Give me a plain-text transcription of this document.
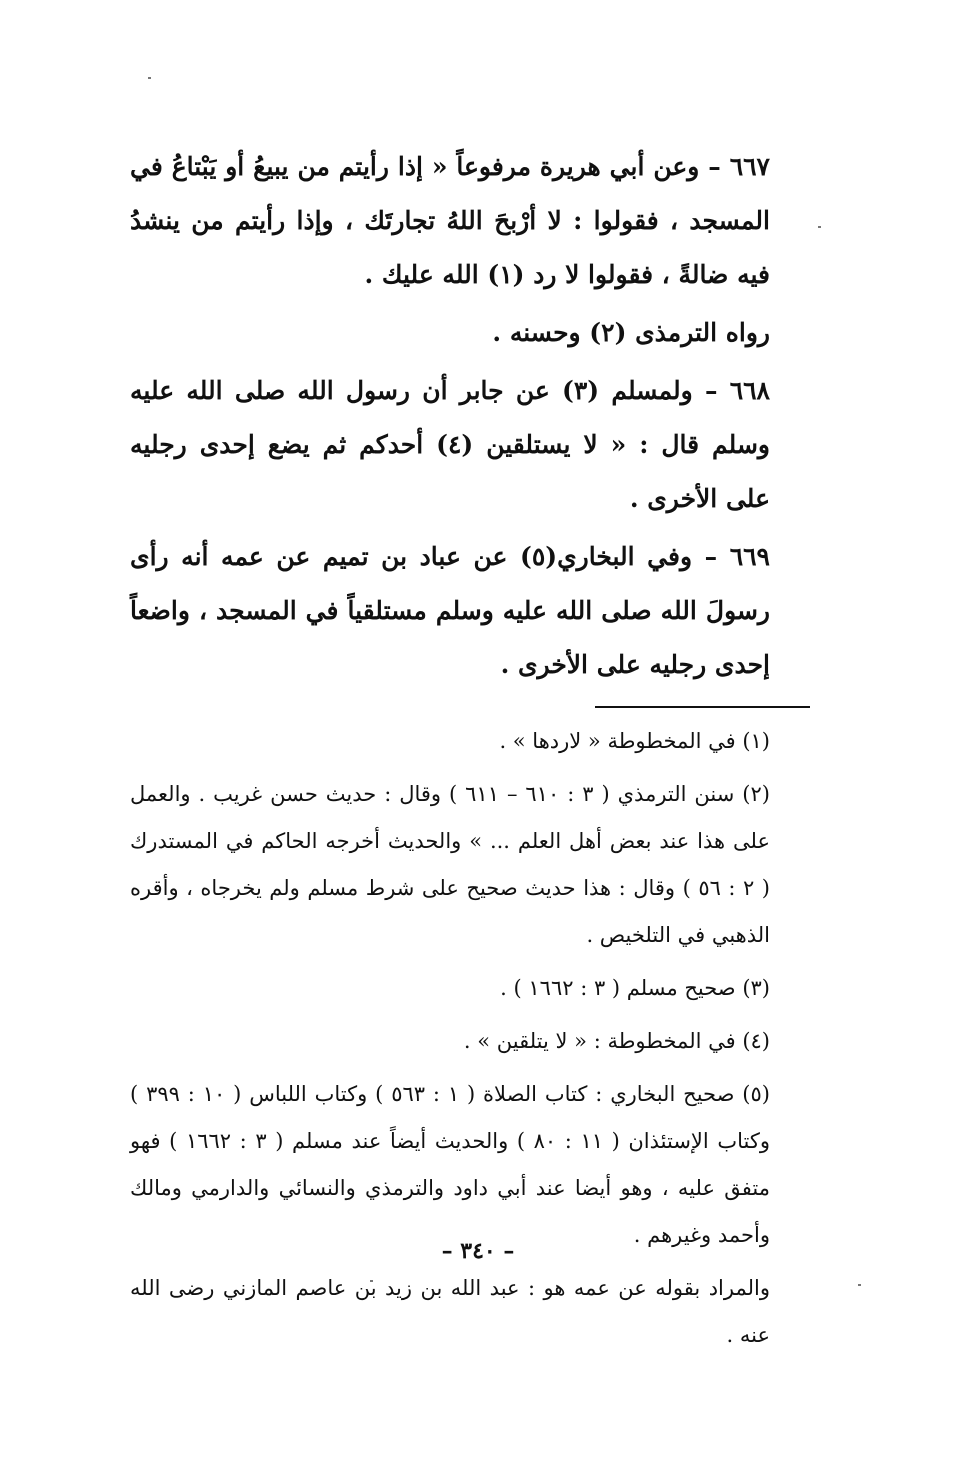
٦٦٧ – وعن أبي هريرة مرفوعاً « إذا رأيتم من يبيعُ أو يَبْتاعُ في المسجد ، فقولوا : لا أرْبحَ اللهُ تجارتَك ، وإذا رأيتم من ينشدُ فيه ضالةً ، فقولوا لا رد (١) الله عليك .

رواه الترمذى (٢) وحسنه .

٦٦٨ – ولمسلم (٣) عن جابر أن رسول الله صلى الله عليه وسلم قال : « لا يستلقين (٤) أحدكم ثم يضع إحدى رجليه على الأخرى .

٦٦٩ – وفي البخاري(٥) عن عباد بن تميم عن عمه أنه رأى رسولَ الله صلى الله عليه وسلم مستلقياً في المسجد ، واضعاً إحدى رجليه على الأخرى .

(١) في المخطوطة « لاردها » .

(٢) سنن الترمذي ( ٣ : ٦١٠ – ٦١١ ) وقال : حديث حسن غريب . والعمل على هذا عند بعض أهل العلم ... » والحديث أخرجه الحاكم في المستدرك ( ٢ : ٥٦ ) وقال : هذا حديث صحيح على شرط مسلم ولم يخرجاه ، وأقره الذهبي في التلخيص .

(٣) صحيح مسلم ( ٣ : ١٦٦٢ ) .

(٤) في المخطوطة : « لا يتلقين » .

(٥) صحيح البخاري : كتاب الصلاة ( ١ : ٥٦٣ ) وكتاب اللباس ( ١٠ : ٣٩٩ ) وكتاب الإستئذان ( ١١ : ٨٠ ) والحديث أيضاً عند مسلم ( ٣ : ١٦٦٢ ) فهو متفق عليه ، وهو أيضا عند أبي داود والترمذي والنسائي والدارمي ومالك وأحمد وغيرهم .

والمراد بقوله عن عمه هو : عبد الله بن زيد بن عاصم المازني رضى الله عنه .

– ٣٤٠ –
